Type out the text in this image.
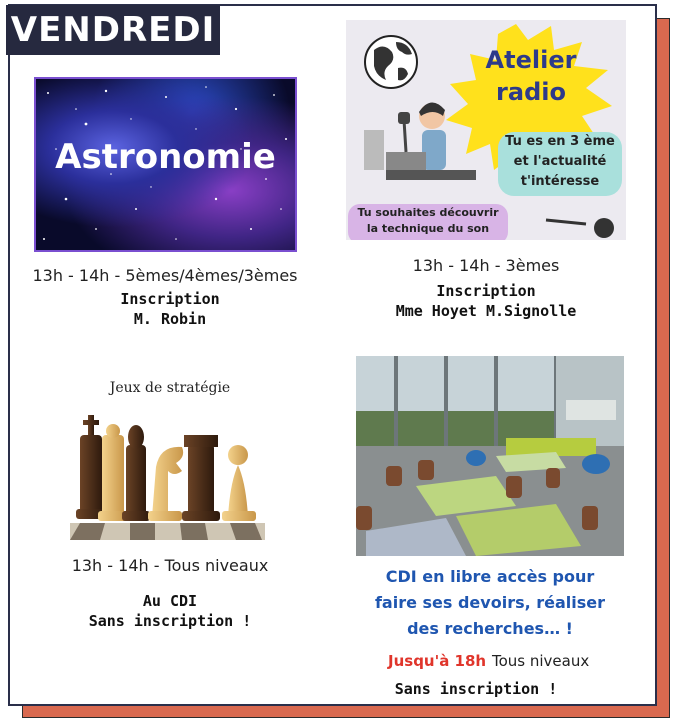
VENDREDI
Astronomie
13h - 14h - 5èmes/4èmes/3èmes
Inscription
M. Robin
Atelier
radio
Tu es en 3 ème
et l'actualité
t'intéresse
Tu souhaites découvrir
la technique du son
13h - 14h - 3èmes
Inscription
Mme Hoyet M.Signolle
Jeux de stratégie
13h - 14h - Tous niveaux
Au CDI
Sans inscription !
CDI en libre accès pour
faire ses devoirs, réaliser
des recherches… !
Jusqu'à 18h Tous niveaux
Sans inscription !
